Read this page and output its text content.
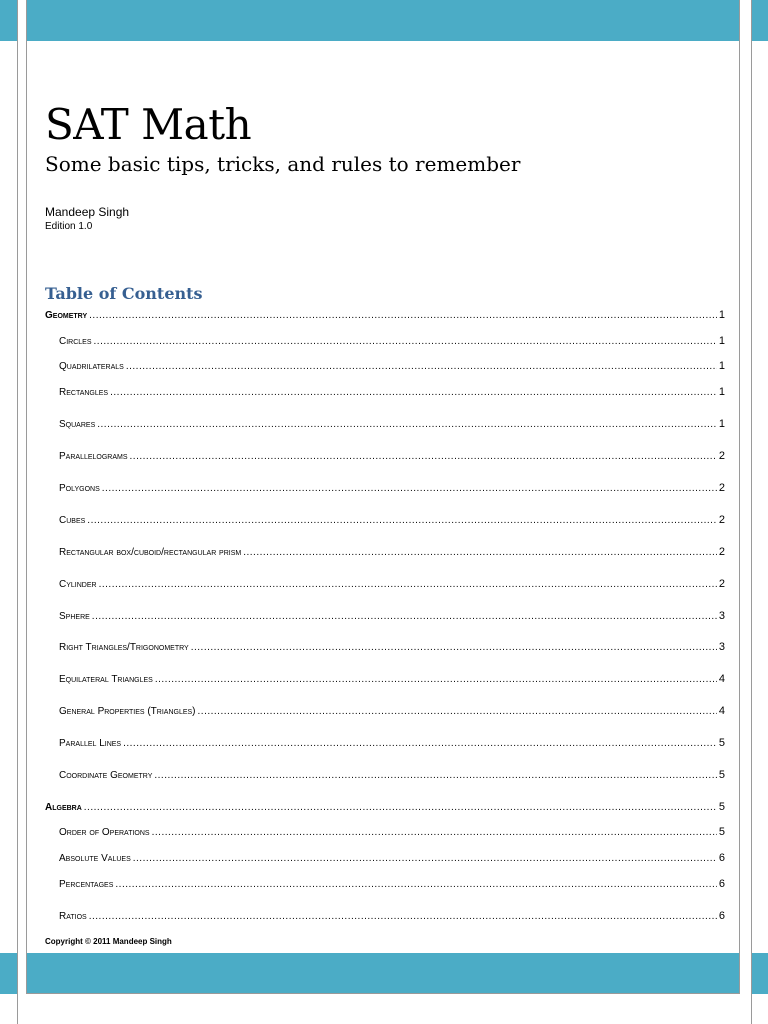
SAT Math
Some basic tips, tricks, and rules to remember
Mandeep Singh
Edition 1.0
Table of Contents
Geometry .....	1
Circles .....	1
Quadrilaterals .....	1
Rectangles .....	1
Squares .....	1
Parallelograms .....	2
Polygons .....	2
Cubes .....	2
Rectangular box/cuboid/rectangular prism .....	2
Cylinder .....	2
Sphere .....	3
Right Triangles/Trigonometry .....	3
Equilateral Triangles .....	4
General Properties (Triangles) .....	4
Parallel Lines .....	5
Coordinate Geometry .....	5
Algebra .....	5
Order of Operations .....	5
Absolute Values .....	6
Percentages .....	6
Ratios .....	6
Copyright © 2011 Mandeep Singh
